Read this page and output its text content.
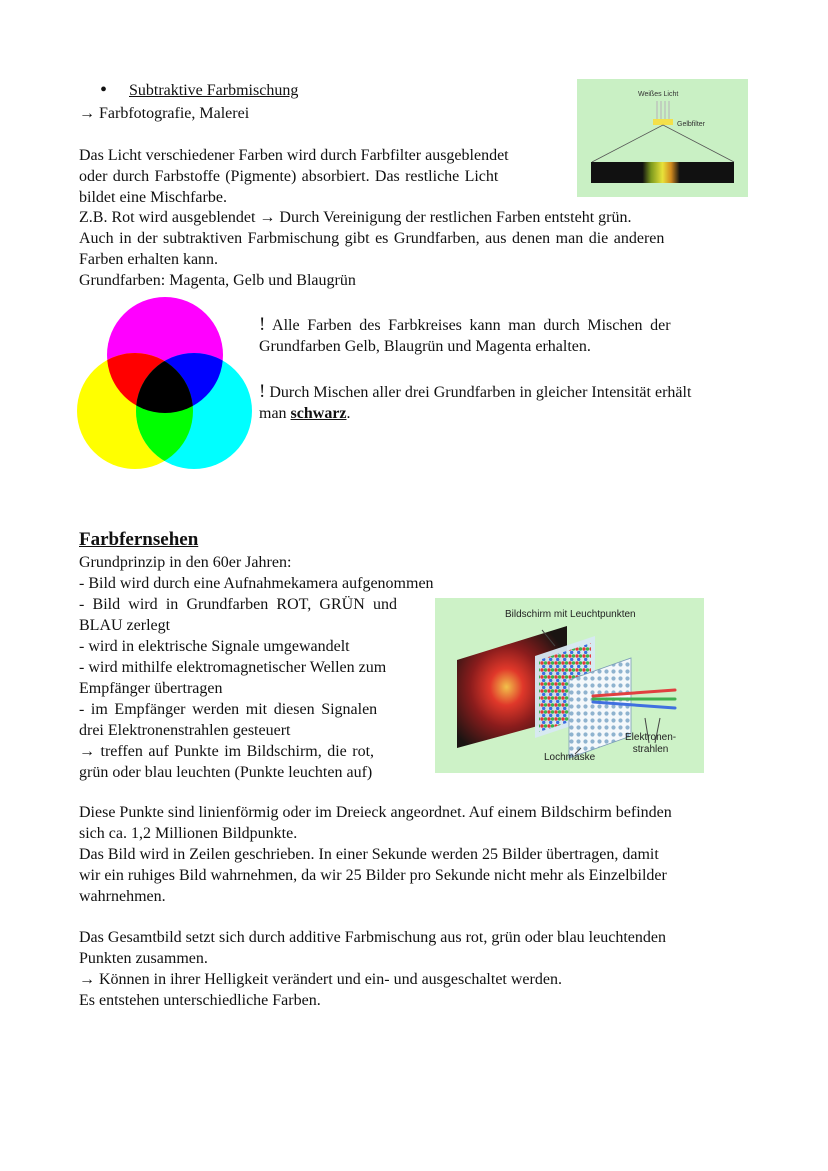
• Subtraktive Farbmischung
→ Farbfotografie, Malerei
Das Licht verschiedener Farben wird durch Farbfilter ausgeblendet
oder durch Farbstoffe (Pigmente) absorbiert. Das restliche Licht
bildet eine Mischfarbe.
Z.B. Rot wird ausgeblendet → Durch Vereinigung der restlichen Farben entsteht grün.
Auch in der subtraktiven Farbmischung gibt es Grundfarben, aus denen man die anderen
Farben erhalten kann.
Grundfarben: Magenta, Gelb und Blaugrün
Weißes Licht
Gelbfilter
! Alle Farben des Farbkreises kann man durch Mischen der
Grundfarben Gelb, Blaugrün und Magenta erhalten.
! Durch Mischen aller drei Grundfarben in gleicher Intensität erhält
man schwarz.
Farbfernsehen
Grundprinzip in den 60er Jahren:
- Bild wird durch eine Aufnahmekamera aufgenommen
- Bild wird in Grundfarben ROT, GRÜN und
BLAU zerlegt
- wird in elektrische Signale umgewandelt
- wird mithilfe elektromagnetischer Wellen zum
Empfänger übertragen
- im Empfänger werden mit diesen Signalen
drei Elektronenstrahlen gesteuert
→ treffen auf Punkte im Bildschirm, die rot,
grün oder blau leuchten (Punkte leuchten auf)
Bildschirm mit Leuchtpunkten
Lochmaske
Elektronen-
strahlen
Diese Punkte sind linienförmig oder im Dreieck angeordnet. Auf einem Bildschirm befinden
sich ca. 1,2 Millionen Bildpunkte.
Das Bild wird in Zeilen geschrieben. In einer Sekunde werden 25 Bilder übertragen, damit
wir ein ruhiges Bild wahrnehmen, da wir 25 Bilder pro Sekunde nicht mehr als Einzelbilder
wahrnehmen.
Das Gesamtbild setzt sich durch additive Farbmischung aus rot, grün oder blau leuchtenden
Punkten zusammen.
→ Können in ihrer Helligkeit verändert und ein- und ausgeschaltet werden.
Es entstehen unterschiedliche Farben.
